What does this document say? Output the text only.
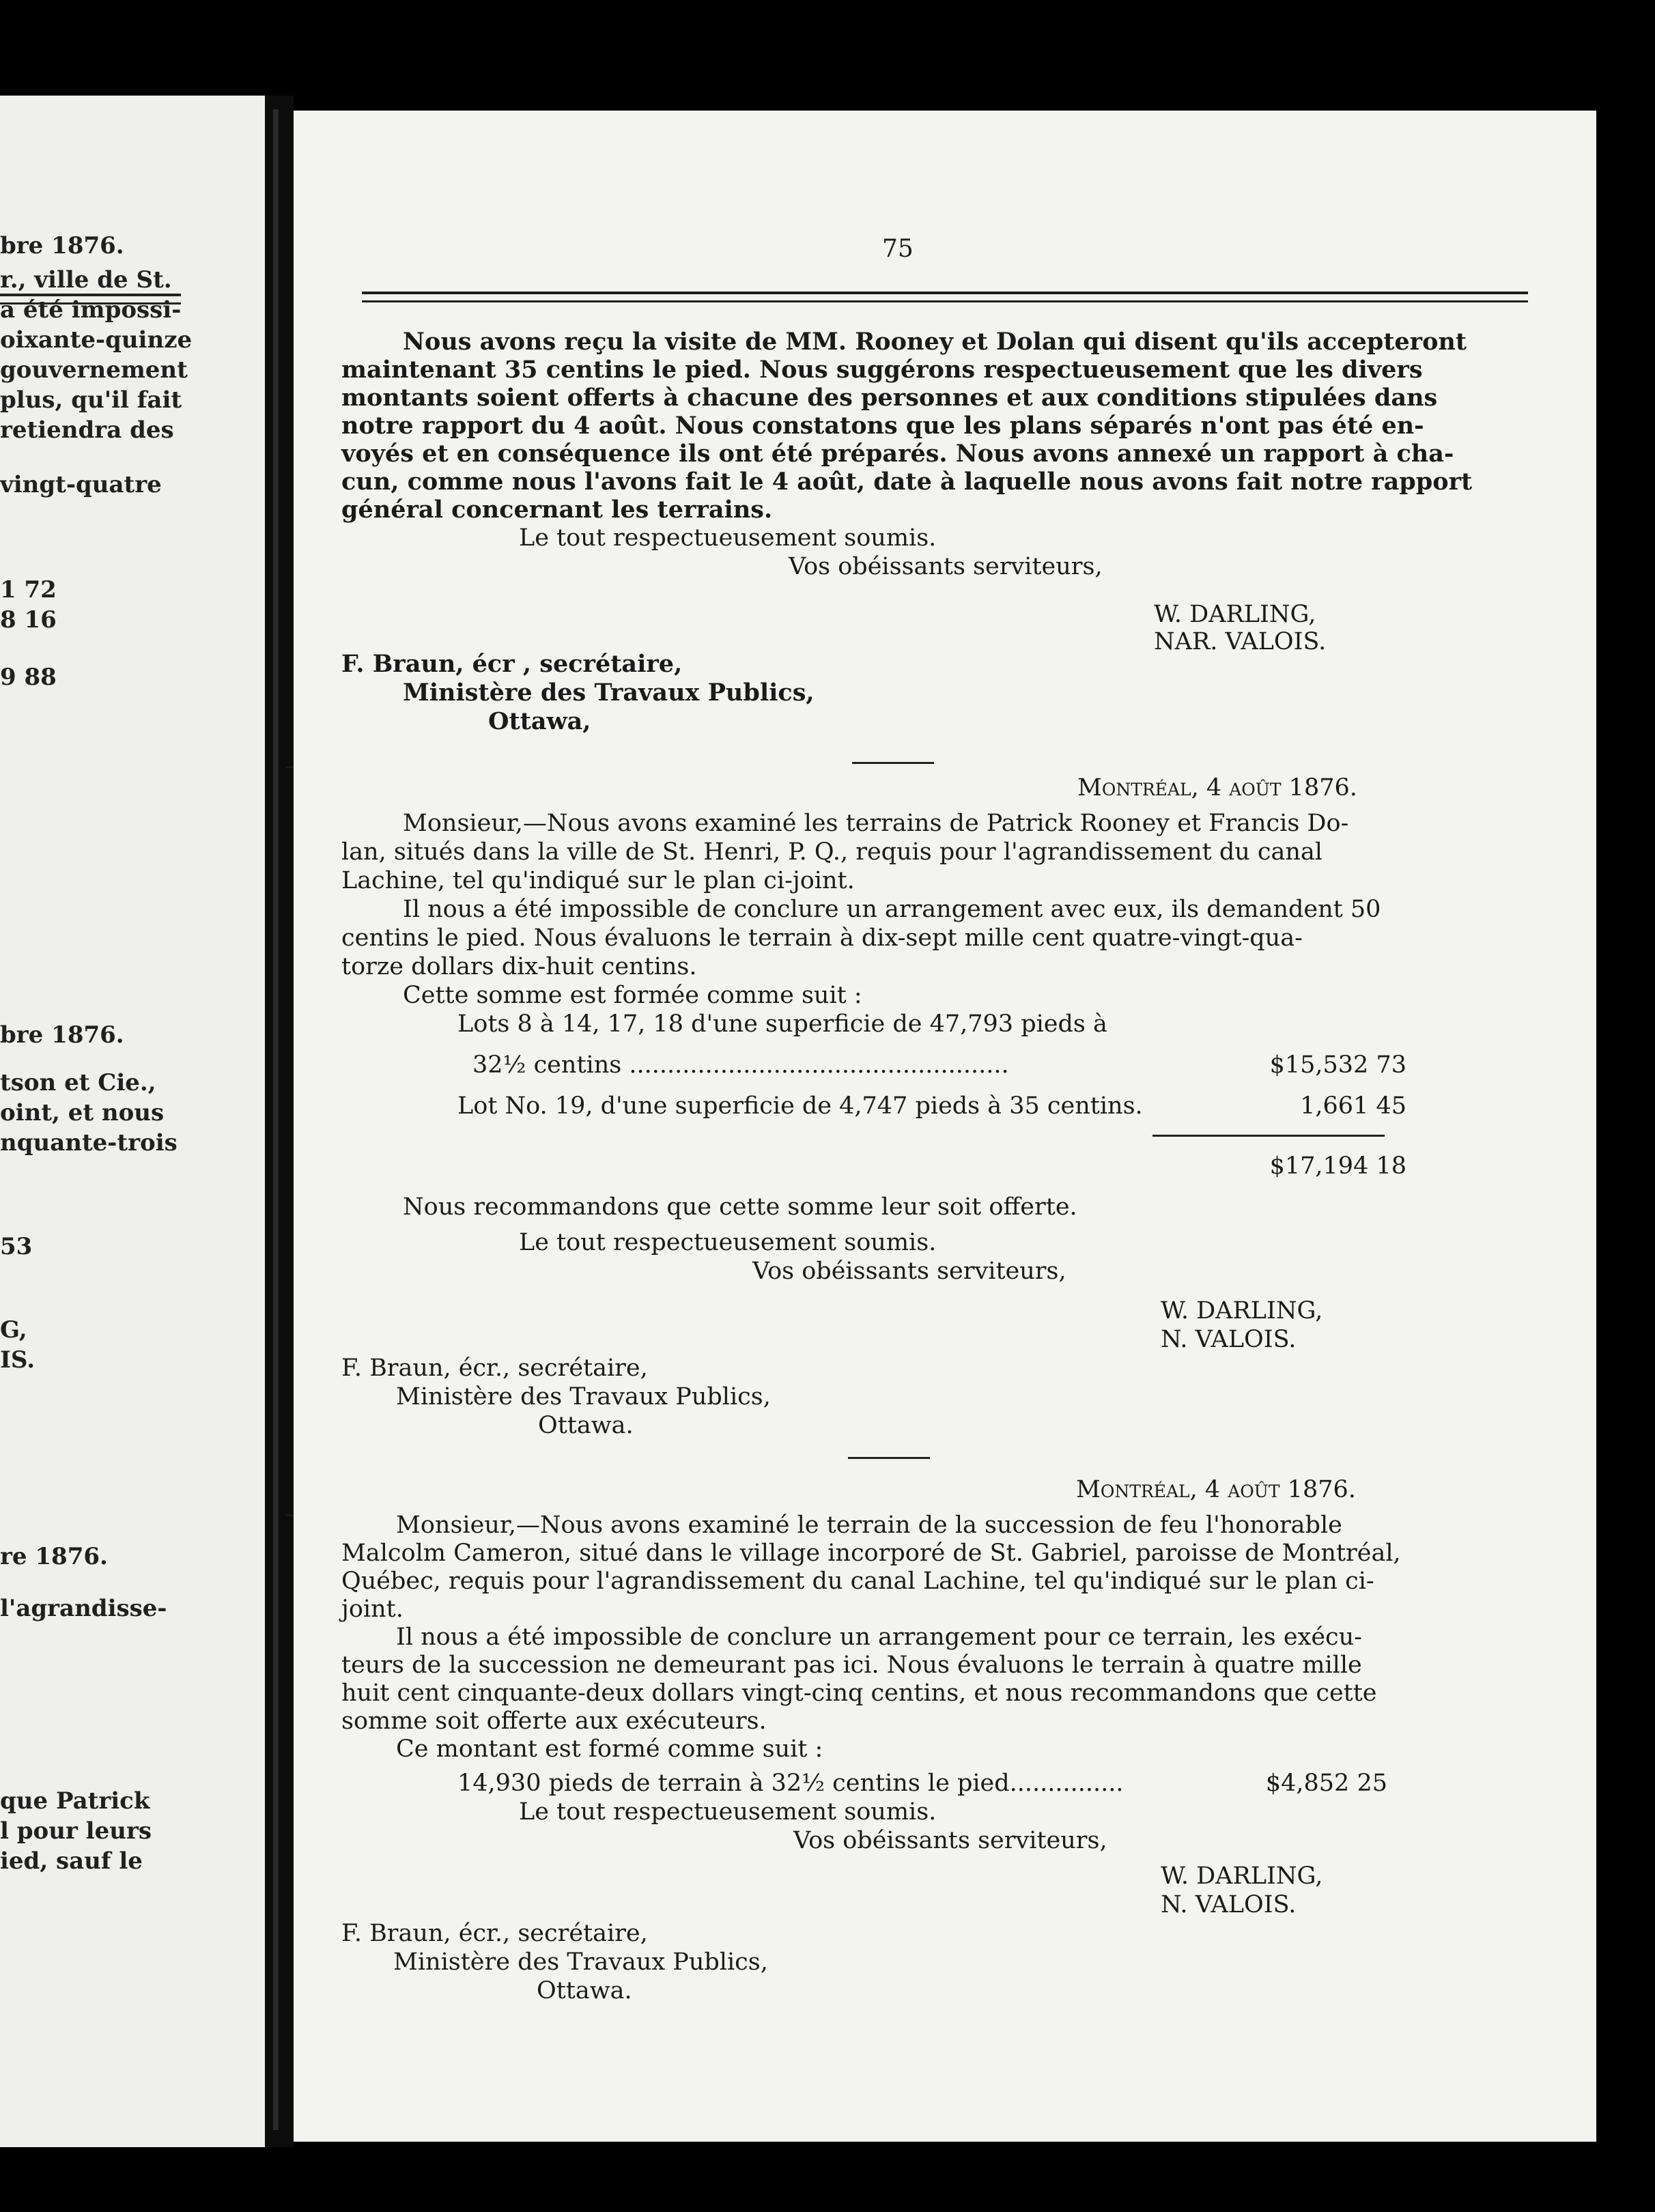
bre 1876.
r., ville de St.
a été impossi-
oixante-quinze
gouvernement
plus, qu'il fait
retiendra des
vingt-quatre
1 72
8 16
9 88
bre 1876.
tson et Cie.,
oint, et nous
nquante-trois
53
G,
IS.
re 1876.
l'agrandisse-
que Patrick
l pour leurs
ied, sauf le
75
Nous avons reçu la visite de MM. Rooney et Dolan qui disent qu'ils accepteront
maintenant 35 centins le pied. Nous suggérons respectueusement que les divers
montants soient offerts à chacune des personnes et aux conditions stipulées dans
notre rapport du 4 août. Nous constatons que les plans séparés n'ont pas été en-
voyés et en conséquence ils ont été préparés. Nous avons annexé un rapport à cha-
cun, comme nous l'avons fait le 4 août, date à laquelle nous avons fait notre rapport
général concernant les terrains.
Le tout respectueusement soumis.
Vos obéissants serviteurs,
W. DARLING,
NAR. VALOIS.
F. Braun, écr , secrétaire,
Ministère des Travaux Publics,
Ottawa,
Montréal, 4 août 1876.
Monsieur,—Nous avons examiné les terrains de Patrick Rooney et Francis Do-
lan, situés dans la ville de St. Henri, P. Q., requis pour l'agrandissement du canal
Lachine, tel qu'indiqué sur le plan ci-joint.
Il nous a été impossible de conclure un arrangement avec eux, ils demandent 50
centins le pied. Nous évaluons le terrain à dix-sept mille cent quatre-vingt-qua-
torze dollars dix-huit centins.
Cette somme est formée comme suit :
Lots 8 à 14, 17, 18 d'une superficie de 47,793 pieds à
32½ centins ..................................................	$15,532 73
Lot No. 19, d'une superficie de 4,747 pieds à 35 centins.	1,661 45
$17,194 18
Nous recommandons que cette somme leur soit offerte.
Le tout respectueusement soumis.
Vos obéissants serviteurs,
W. DARLING,
N. VALOIS.
F. Braun, écr., secrétaire,
Ministère des Travaux Publics,
Ottawa.
Montréal, 4 août 1876.
Monsieur,—Nous avons examiné le terrain de la succession de feu l'honorable
Malcolm Cameron, situé dans le village incorporé de St. Gabriel, paroisse de Montréal,
Québec, requis pour l'agrandissement du canal Lachine, tel qu'indiqué sur le plan ci-
joint.
Il nous a été impossible de conclure un arrangement pour ce terrain, les exécu-
teurs de la succession ne demeurant pas ici. Nous évaluons le terrain à quatre mille
huit cent cinquante-deux dollars vingt-cinq centins, et nous recommandons que cette
somme soit offerte aux exécuteurs.
Ce montant est formé comme suit :
14,930 pieds de terrain à 32½ centins le pied...............	$4,852 25
Le tout respectueusement soumis.
Vos obéissants serviteurs,
W. DARLING,
N. VALOIS.
F. Braun, écr., secrétaire,
Ministère des Travaux Publics,
Ottawa.
